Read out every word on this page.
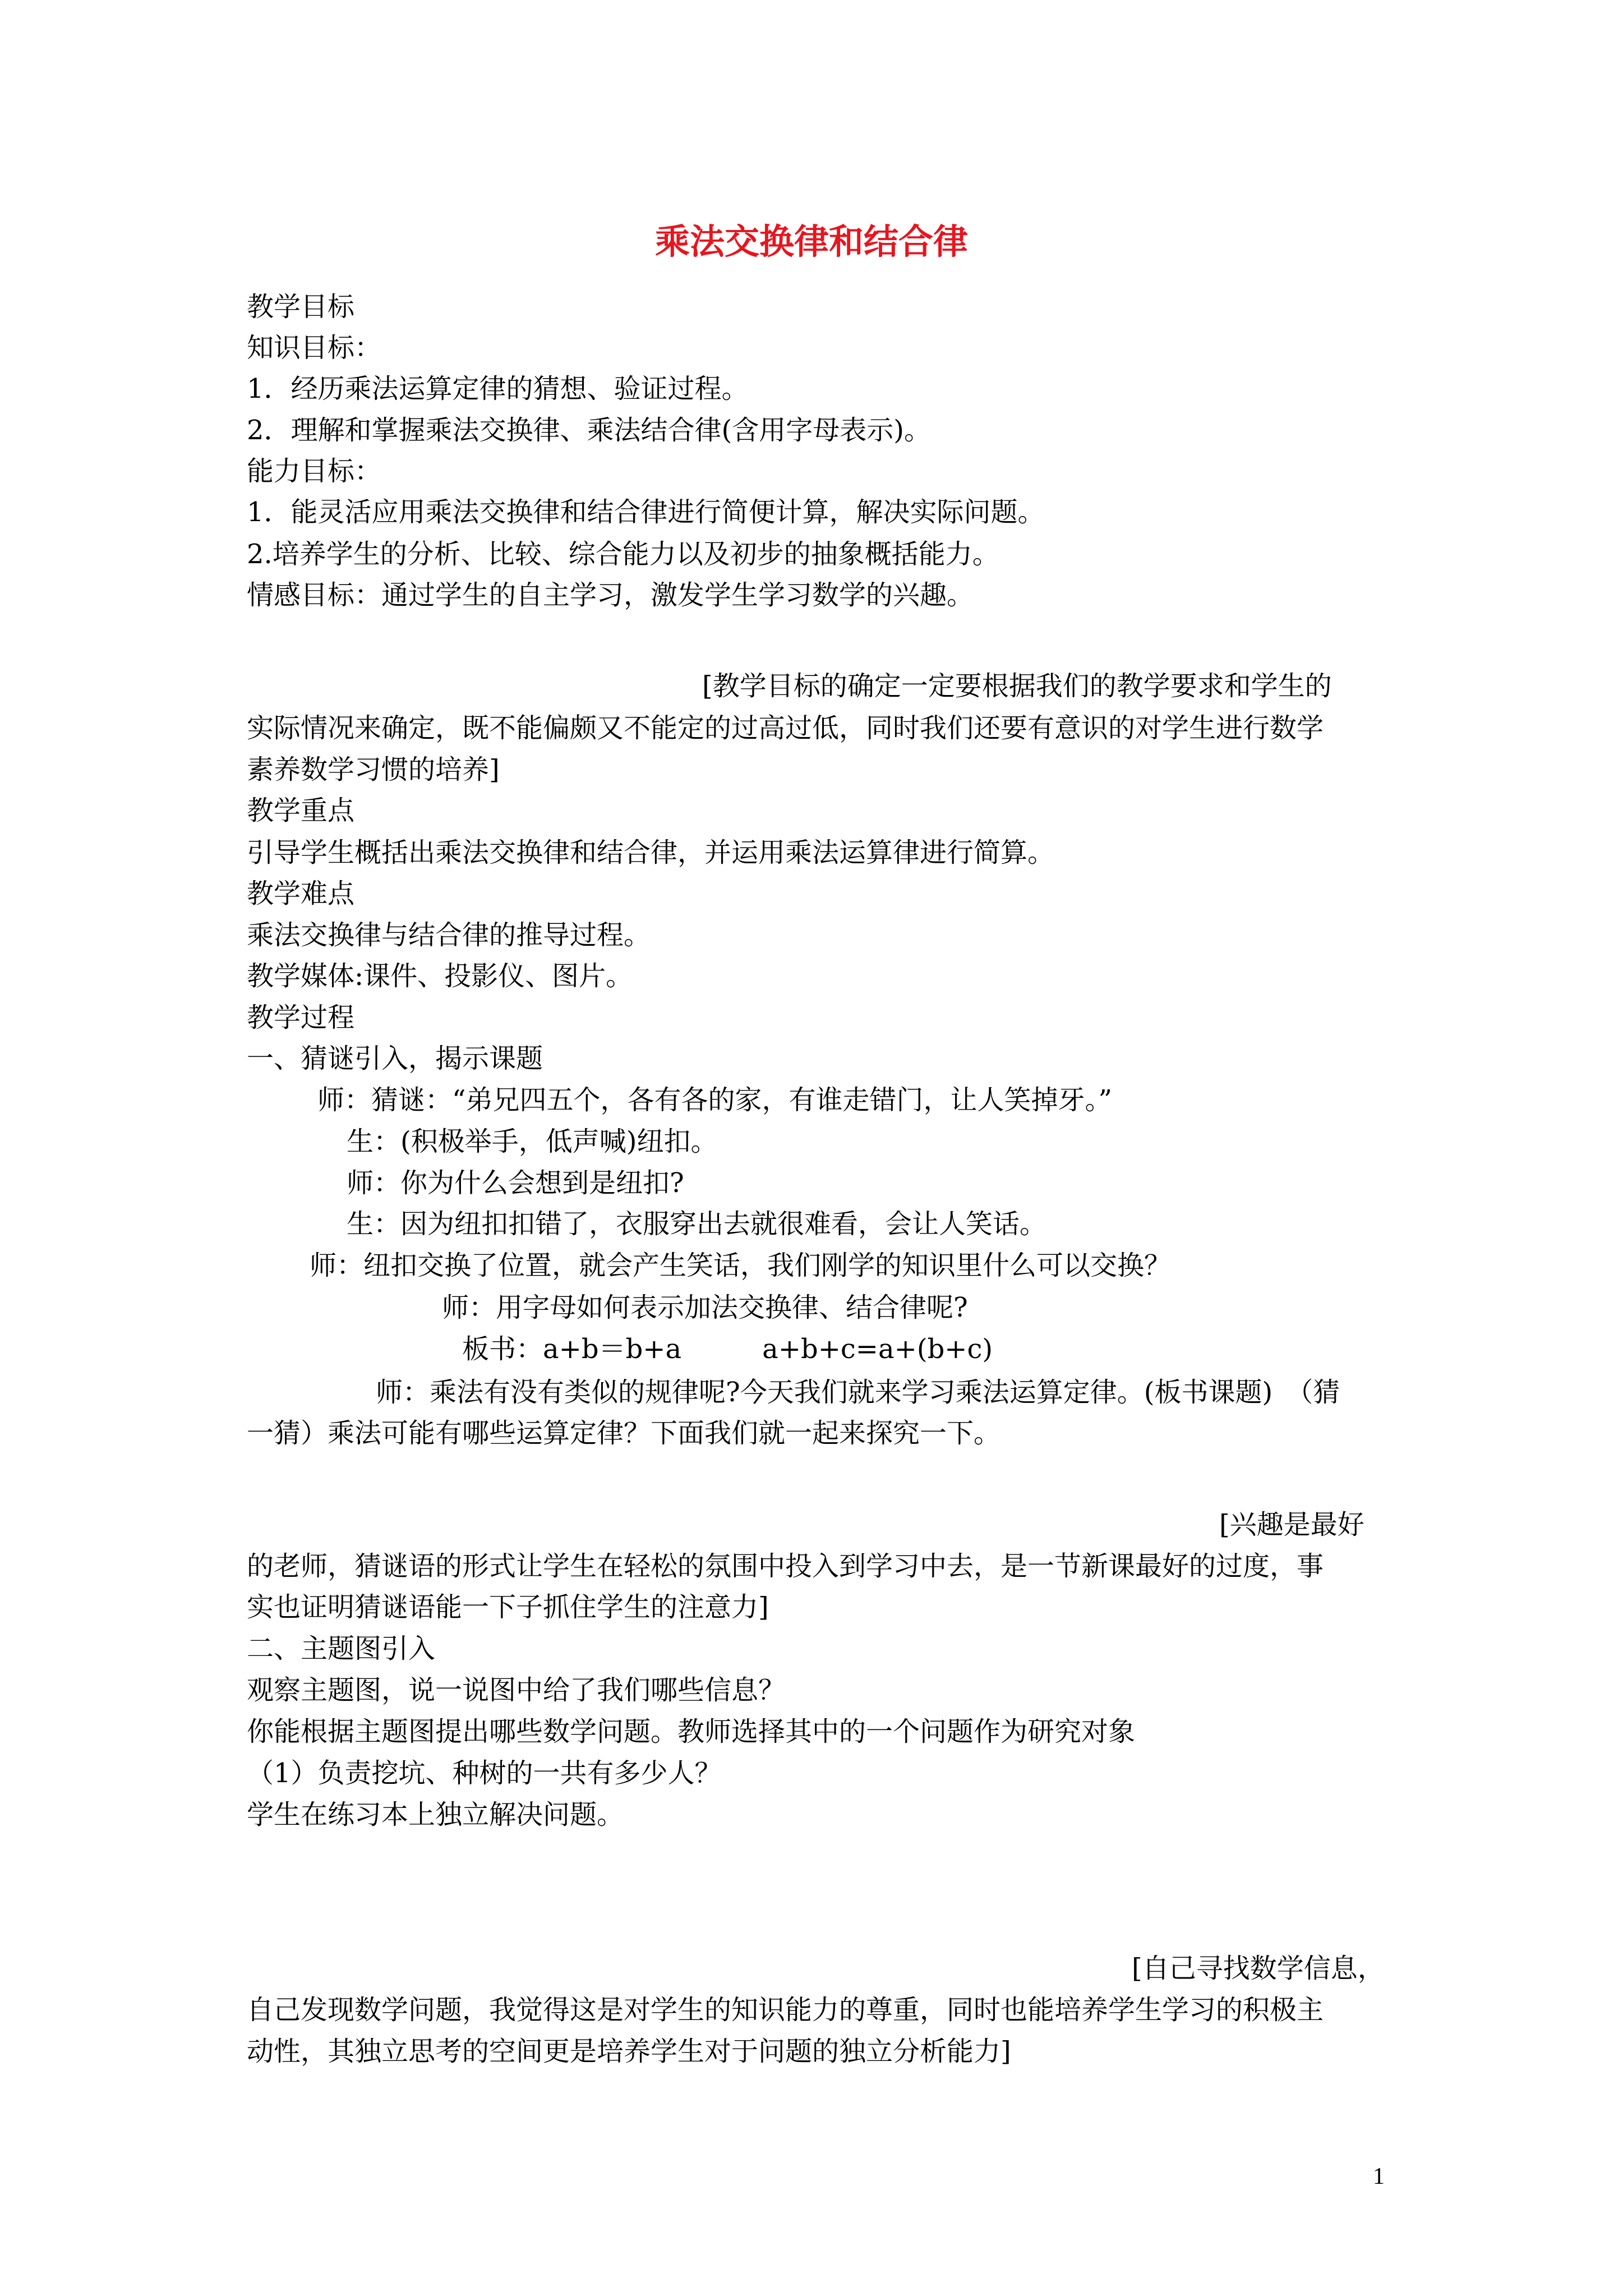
乘法交换律和结合律
教学目标
知识目标：
1．经历乘法运算定律的猜想、验证过程。
2．理解和掌握乘法交换律、乘法结合律(含用字母表示)。
能力目标：
1．能灵活应用乘法交换律和结合律进行简便计算，解决实际问题。
2.培养学生的分析、比较、综合能力以及初步的抽象概括能力。
情感目标：通过学生的自主学习，激发学生学习数学的兴趣。
[教学目标的确定一定要根据我们的教学要求和学生的
实际情况来确定，既不能偏颇又不能定的过高过低，同时我们还要有意识的对学生进行数学
素养数学习惯的培养]
教学重点
引导学生概括出乘法交换律和结合律，并运用乘法运算律进行简算。
教学难点
乘法交换律与结合律的推导过程。
教学媒体:课件、投影仪、图片。
教学过程
一、猜谜引入，揭示课题
师：猜谜：“弟兄四五个，各有各的家，有谁走错门，让人笑掉牙。”
生：(积极举手，低声喊)纽扣。
师：你为什么会想到是纽扣?
生：因为纽扣扣错了，衣服穿出去就很难看，会让人笑话。
师：纽扣交换了位置，就会产生笑话，我们刚学的知识里什么可以交换？
师：用字母如何表示加法交换律、结合律呢?
板书：a+b＝b+a　　　a+b+c=a+(b+c)
师：乘法有没有类似的规律呢?今天我们就来学习乘法运算定律。(板书课题)　（猜
一猜）乘法可能有哪些运算定律？下面我们就一起来探究一下。
[兴趣是最好
的老师，猜谜语的形式让学生在轻松的氛围中投入到学习中去，是一节新课最好的过度，事
实也证明猜谜语能一下子抓住学生的注意力]
二、主题图引入
观察主题图，说一说图中给了我们哪些信息？
你能根据主题图提出哪些数学问题。教师选择其中的一个问题作为研究对象
（1）负责挖坑、种树的一共有多少人？
学生在练习本上独立解决问题。
[自己寻找数学信息，
自己发现数学问题，我觉得这是对学生的知识能力的尊重，同时也能培养学生学习的积极主
动性，其独立思考的空间更是培养学生对于问题的独立分析能力]
1
